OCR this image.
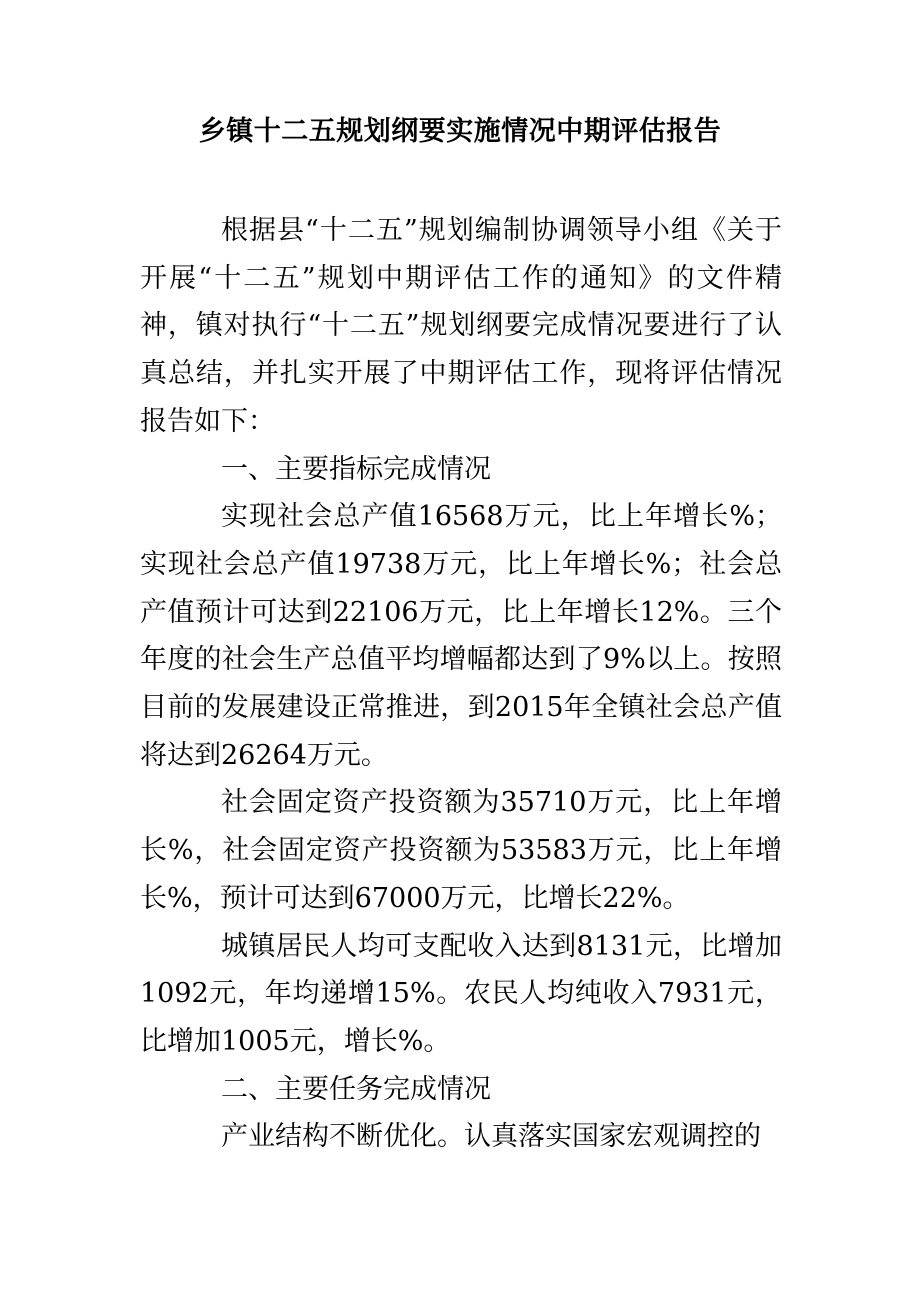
乡镇十二五规划纲要实施情况中期评估报告

根据县“十二五”规划编制协调领导小组《关于开展“十二五”规划中期评估工作的通知》的文件精神，镇对执行“十二五”规划纲要完成情况要进行了认真总结，并扎实开展了中期评估工作，现将评估情况报告如下：

一、主要指标完成情况

实现社会总产值16568万元，比上年增长%；实现社会总产值19738万元，比上年增长%；社会总产值预计可达到22106万元，比上年增长12%。三个年度的社会生产总值平均增幅都达到了9%以上。按照目前的发展建设正常推进，到2015年全镇社会总产值将达到26264万元。

社会固定资产投资额为35710万元，比上年增长%，社会固定资产投资额为53583万元，比上年增长%，预计可达到67000万元，比增长22%。

城镇居民人均可支配收入达到8131元，比增加1092元，年均递增15%。农民人均纯收入7931元，比增加1005元，增长%。

二、主要任务完成情况

产业结构不断优化。认真落实国家宏观调控的
